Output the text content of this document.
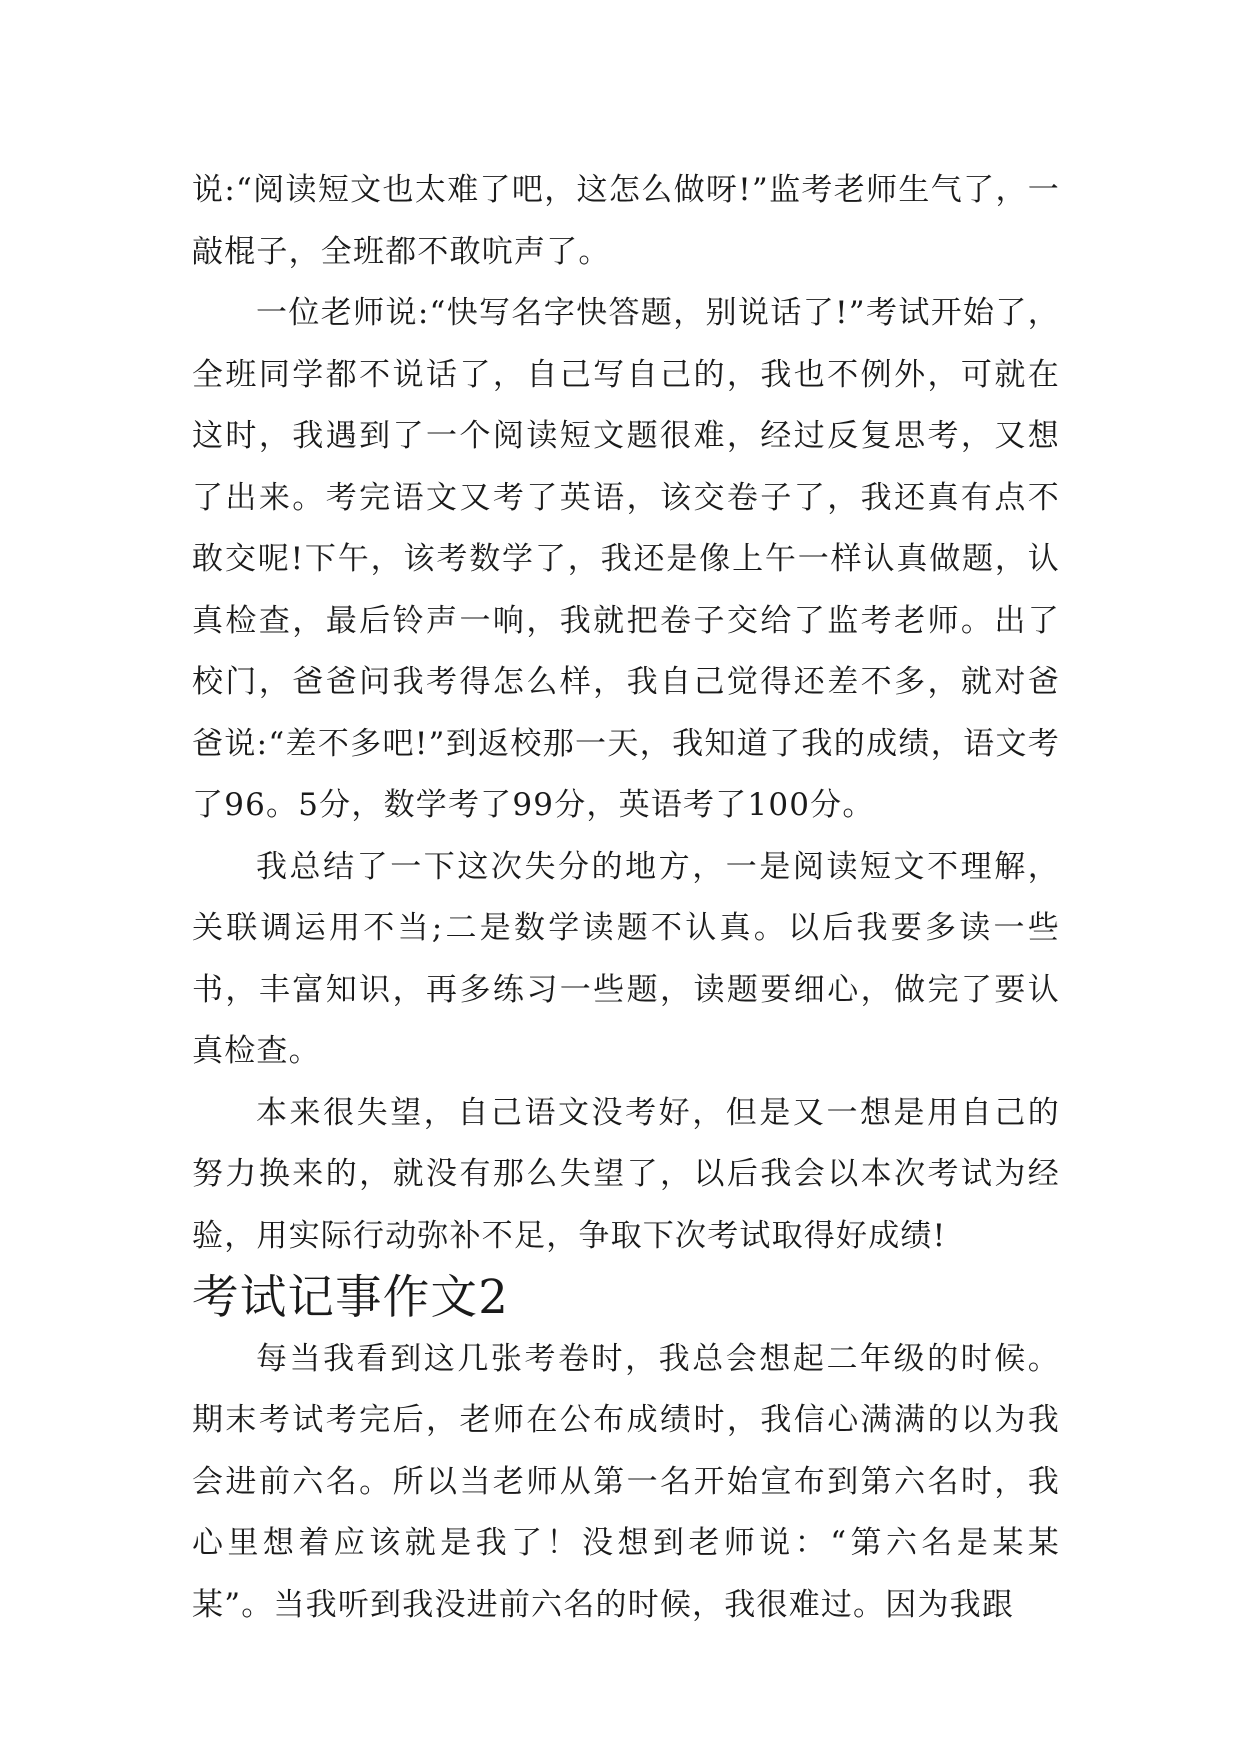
说:“阅读短文也太难了吧，这怎么做呀!”监考老师生气了，一敲棍子，全班都不敢吭声了。

一位老师说:“快写名字快答题，别说话了!”考试开始了，全班同学都不说话了，自己写自己的，我也不例外，可就在这时，我遇到了一个阅读短文题很难，经过反复思考，又想了出来。考完语文又考了英语，该交卷子了，我还真有点不敢交呢!下午，该考数学了，我还是像上午一样认真做题，认真检查，最后铃声一响，我就把卷子交给了监考老师。出了校门，爸爸问我考得怎么样，我自己觉得还差不多，就对爸爸说:“差不多吧!”到返校那一天，我知道了我的成绩，语文考了96。5分，数学考了99分，英语考了100分。

我总结了一下这次失分的地方，一是阅读短文不理解，关联调运用不当;二是数学读题不认真。以后我要多读一些书，丰富知识，再多练习一些题，读题要细心，做完了要认真检查。

本来很失望，自己语文没考好，但是又一想是用自己的努力换来的，就没有那么失望了，以后我会以本次考试为经验，用实际行动弥补不足，争取下次考试取得好成绩!

考试记事作文2

每当我看到这几张考卷时，我总会想起二年级的时候。期末考试考完后，老师在公布成绩时，我信心满满的以为我会进前六名。所以当老师从第一名开始宣布到第六名时，我心里想着应该就是我了！没想到老师说：“第六名是某某某”。当我听到我没进前六名的时候，我很难过。因为我跟
